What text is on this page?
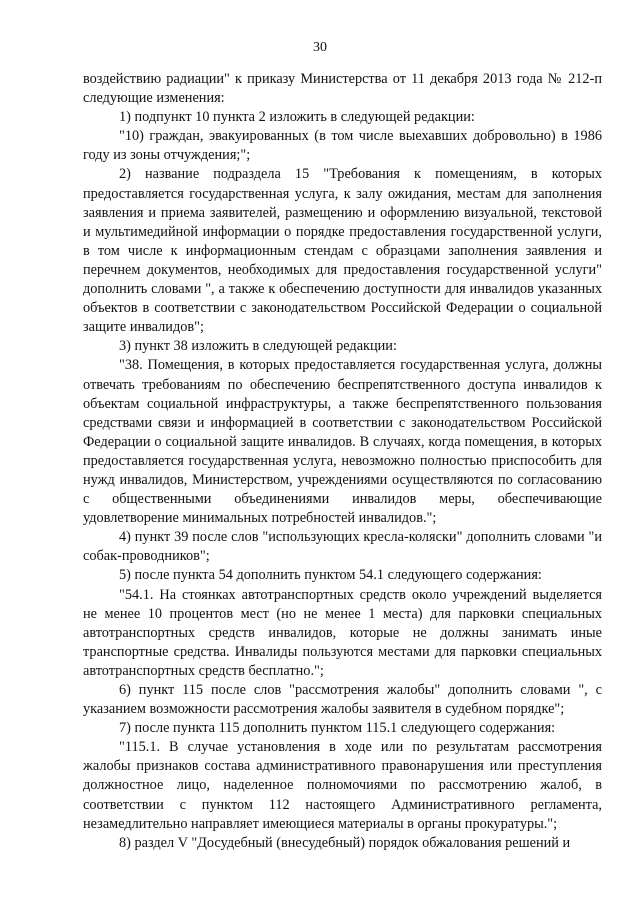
30

воздействию радиации" к приказу Министерства от 11 декабря 2013 года № 212-п следующие изменения:

1) подпункт 10 пункта 2 изложить в следующей редакции:

"10) граждан, эвакуированных (в том числе выехавших добровольно) в 1986 году из зоны отчуждения;";

2) название подраздела 15 "Требования к помещениям, в которых предоставляется государственная услуга, к залу ожидания, местам для заполнения заявления и приема заявителей, размещению и оформлению визуальной, текстовой и мультимедийной информации о порядке предоставления государственной услуги, в том числе к информационным стендам с образцами заполнения заявления и перечнем документов, необходимых для предоставления государственной услуги" дополнить словами ", а также к обеспечению доступности для инвалидов указанных объектов в соответствии с законодательством Российской Федерации о социальной защите инвалидов";

3) пункт 38 изложить в следующей редакции:

"38. Помещения, в которых предоставляется государственная услуга, должны отвечать требованиям по обеспечению беспрепятственного доступа инвалидов к объектам социальной инфраструктуры, а также беспрепятственного пользования средствами связи и информацией в соответствии с законодательством Российской Федерации о социальной защите инвалидов. В случаях, когда помещения, в которых предоставляется государственная услуга, невозможно полностью приспособить для нужд инвалидов, Министерством, учреждениями осуществляются по согласованию с общественными объединениями инвалидов меры, обеспечивающие удовлетворение минимальных потребностей инвалидов.";

4) пункт 39 после слов "использующих кресла-коляски" дополнить словами "и собак-проводников";

5) после пункта 54 дополнить пунктом 54.1 следующего содержания:

"54.1. На стоянках автотранспортных средств около учреждений выделяется не менее 10 процентов мест (но не менее 1 места) для парковки специальных автотранспортных средств инвалидов, которые не должны занимать иные транспортные средства. Инвалиды пользуются местами для парковки специальных автотранспортных средств бесплатно.";

6) пункт 115 после слов "рассмотрения жалобы" дополнить словами ", с указанием возможности рассмотрения жалобы заявителя в судебном порядке";

7) после пункта 115 дополнить пунктом 115.1 следующего содержания:

"115.1. В случае установления в ходе или по результатам рассмотрения жалобы признаков состава административного правонарушения или преступления должностное лицо, наделенное полномочиями по рассмотрению жалоб, в соответствии с пунктом 112 настоящего Административного регламента, незамедлительно направляет имеющиеся материалы в органы прокуратуры.";

8) раздел V "Досудебный (внесудебный) порядок обжалования решений и
